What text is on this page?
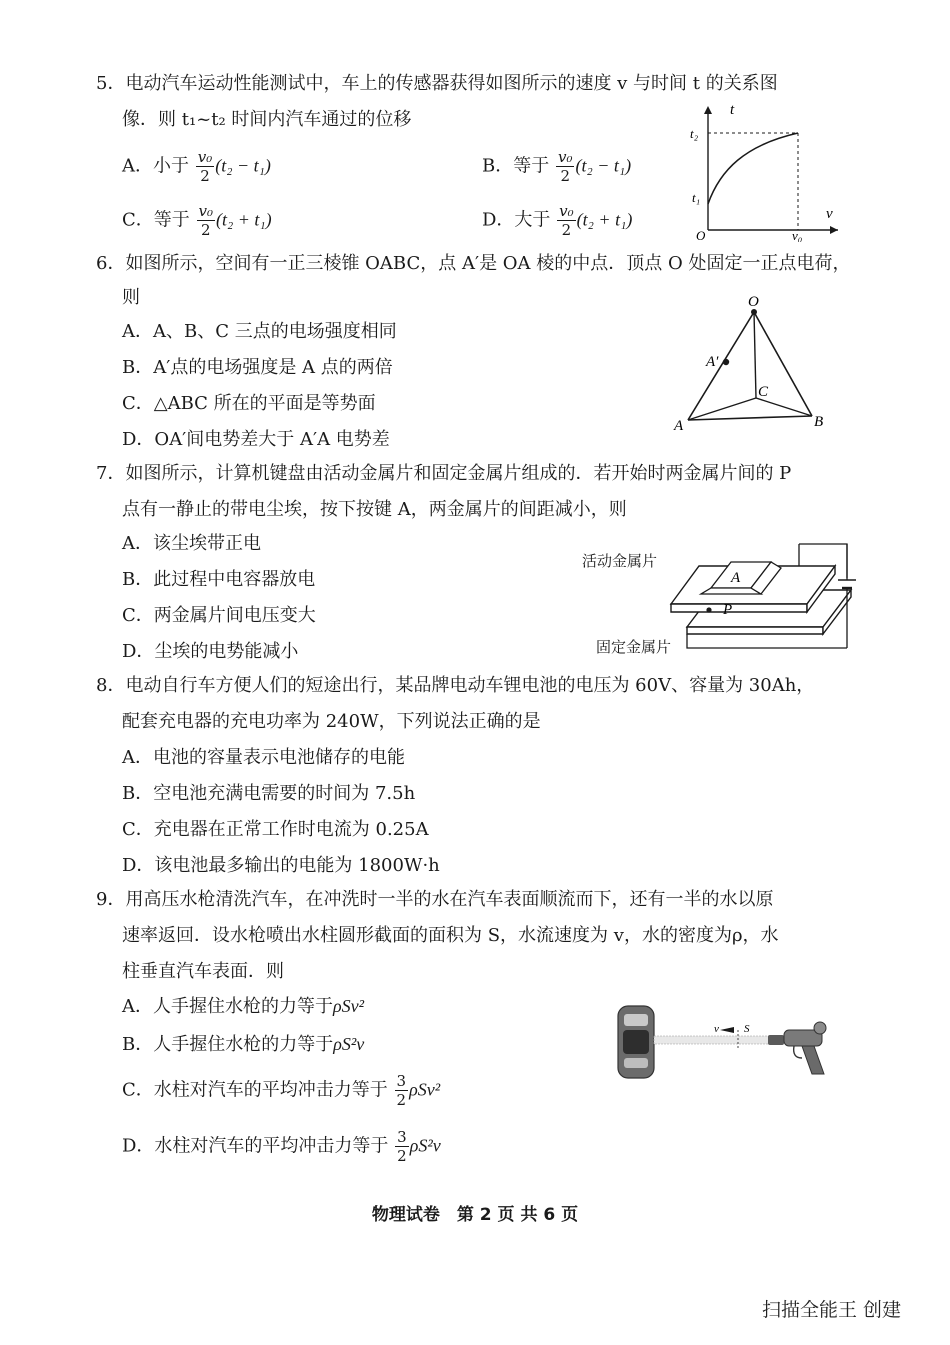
5．电动汽车运动性能测试中，车上的传感器获得如图所示的速度 v 与时间 t 的关系图
像．则 t₁~t₂ 时间内汽车通过的位移
A．小于 $\frac{\text{v₀}}{2} (t_2 - t_1)$	B．等于 $\frac{\text{v₀}}{2} (t_2 - t_1)$
C．等于 $\frac{\text{v₀}}{2} (t_2 + t_1)$	D．大于 $\frac{\text{v₀}}{2} (t_2 + t_1)$
t
v
t₂
t₁
O	v₀
6．如图所示，空间有一正三棱锥 OABC，点 A′是 OA 棱的中点．顶点 O 处固定一正点电荷，
则
A．A、B、C 三点的电场强度相同
B．A′点的电场强度是 A 点的两倍
C．△ABC 所在的平面是等势面
D．OA′间电势差大于 A′A 电势差
O
A′
C
A	B
7．如图所示，计算机键盘由活动金属片和固定金属片组成的．若开始时两金属片间的 P
点有一静止的带电尘埃，按下按键 A，两金属片的间距减小，则
A．该尘埃带正电
B．此过程中电容器放电
C．两金属片间电压变大
D．尘埃的电势能减小
A
P
活动金属片
固定金属片
8．电动自行车方便人们的短途出行，某品牌电动车锂电池的电压为 60V、容量为 30Ah，
配套充电器的充电功率为 240W，下列说法正确的是
A．电池的容量表示电池储存的电能
B．空电池充满电需要的时间为 7.5h
C．充电器在正常工作时电流为 0.25A
D．该电池最多输出的电能为 1800W·h
9．用高压水枪清洗汽车，在冲洗时一半的水在汽车表面顺流而下，还有一半的水以原
速率返回．设水枪喷出水柱圆形截面的面积为 S，水流速度为 v，水的密度为ρ，水
柱垂直汽车表面．则
A．人手握住水枪的力等于ρSv²
B．人手握住水枪的力等于ρS²v
C．水柱对汽车的平均冲击力等于 $\frac{3}{2} \rho Sv^2$
D．水柱对汽车的平均冲击力等于 $\frac{3}{2} \rho S^2v$
v S
物理试卷　第 2 页 共 6 页
扫描全能王 创建
